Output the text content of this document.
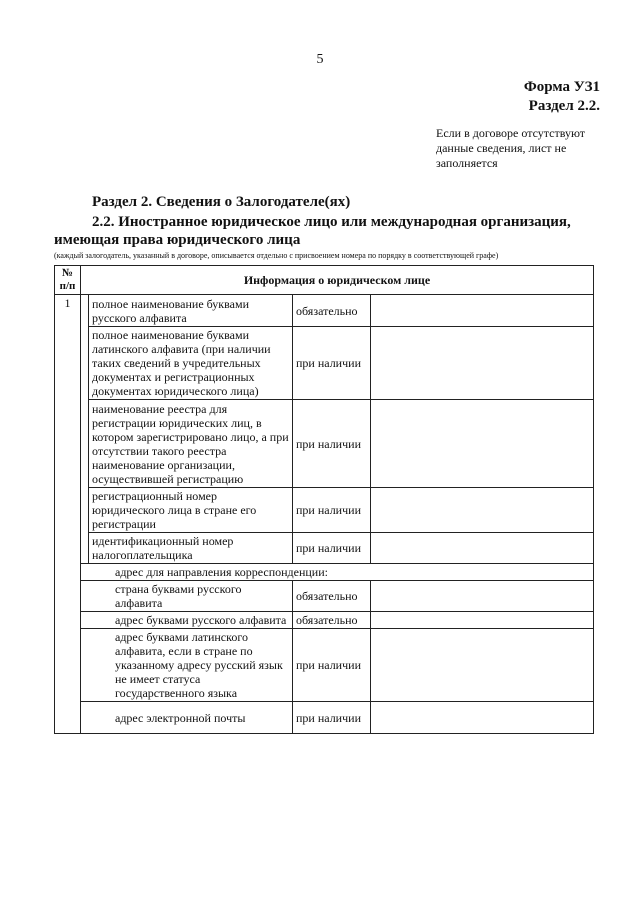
5
Форма УЗ1
Раздел 2.2.
Если в договоре отсутствуют данные сведения, лист не заполняется
Раздел 2. Сведения о Залогодателе(ях)
2.2. Иностранное юридическое лицо или международная организация, имеющая права юридического лица
(каждый залогодатель, указанный в договоре, описывается отдельно с присвоением номера по порядку в соответствующей графе)
№ п/п	Информация о юридическом лице			
1		полное наименование буквами русского алфавита	обязательно	
		полное наименование буквами латинского алфавита (при наличии таких сведений в учредительных документах и регистрационных документах юридического лица)	при наличии	
		наименование реестра для регистрации юридических лиц, в котором зарегистрировано лицо, а при отсутствии такого реестра наименование организации, осуществившей регистрацию	при наличии	
		регистрационный номер юридического лица в стране его регистрации	при наличии	
		идентификационный номер налогоплательщика	при наличии	
	адрес для направления корреспонденции:			
	страна буквами русского алфавита		обязательно	
	адрес буквами русского алфавита		обязательно	
	адрес буквами латинского алфавита, если в стране по указанному адресу русский язык не имеет статуса государственного языка		при наличии	
	адрес электронной почты		при наличии	
